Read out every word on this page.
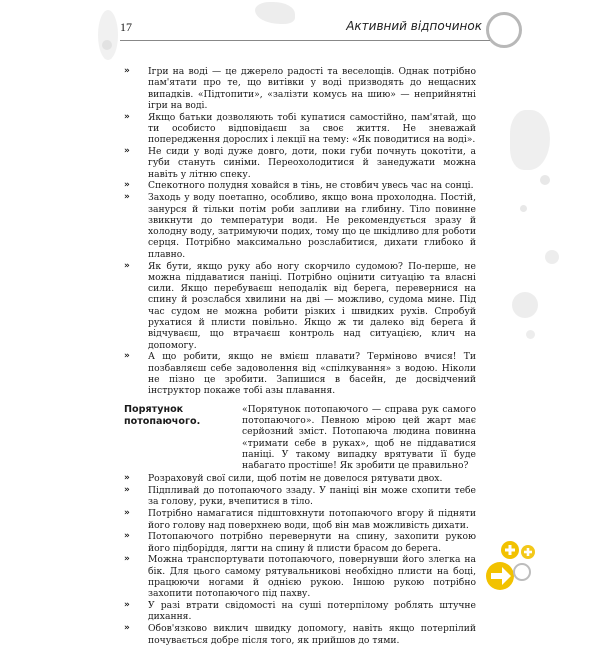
17	Активний відпочинок
» Ігри на воді — це джерело радості та веселощів. Однак потрібно пам'ятати про те, що витівки у воді призводять до нещасних випадків. «Підтопити», «залізти комусь на шию» — неприйнятні ігри на воді.
» Якщо батьки дозволяють тобі купатися самостійно, пам'ятай, що ти особисто відповідаєш за своє життя. Не зневажай попередження дорослих і лекції на тему: «Як поводитися на воді».
» Не сиди у воді дуже довго, доти, поки губи почнуть цокотіти, а губи стануть синіми. Переохолодитися й занедужати можна навіть у літню спеку.
» Спекотного полудня ховайся в тінь, не стовбич увесь час на сонці.
» Заходь у воду поетапно, особливо, якщо вона прохолодна. Постій, занурся й тільки потім роби запливи на глибину. Тіло повинне звикнути до температури води. Не рекомендується зразу й холодну воду, затримуючи подих, тому що це шкідливо для роботи серця. Потрібно максимально розслабитися, дихати глибоко й плавно.
» Як бути, якщо руку або ногу скорчило судомою? По-перше, не можна піддаватися паніці. Потрібно оцінити ситуацію та власні сили. Якщо перебуваєш неподалік від берега, перевернися на спину й розслабся хвилини на дві — можливо, судома мине. Під час судом не можна робити різких і швидких рухів. Спробуй рухатися й плисти повільно. Якщо ж ти далеко від берега й відчуваєш, що втрачаєш контроль над ситуацією, клич на допомогу.
» А що робити, якщо не вмієш плавати? Терміново вчися! Ти позбавляєш себе задоволення від «спілкування» з водою. Ніколи не пізно це зробити. Запишися в басейн, де досвідчений інструктор покаже тобі азы плавання.
Порятунок потопаючого.
«Порятунок потопаючого — справа рук самого потопаючого». Певною мірою цей жарт має серйозний зміст. Потопаюча людина повинна «тримати себе в руках», щоб не піддаватися паніці. У такому випадку врятувати її буде набагато простіше! Як зробити це правильно?
» Розраховуй свої сили, щоб потім не довелося рятувати двох.
» Підпливай до потопаючого ззаду. У паніці він може схопити тебе за голову, руки, вчепитися в тіло.
» Потрібно намагатися підштовхнути потопаючого вгору й підняти його голову над поверхнею води, щоб він мав можливість дихати.
» Потопаючого потрібно перевернути на спину, захопити рукою його підборіддя, лягти на спину й плисти брасом до берега.
» Можна транспортувати потопаючого, повернувши його злегка на бік. Для цього самому рятувальникові необхідно плисти на боці, працюючи ногами й однією рукою. Іншою рукою потрібно захопити потопаючого під пахву.
» У разі втрати свідомості на суші потерпілому роблять штучне дихання.
» Обов'язково виклич швидку допомогу, навіть якщо потерпілий почувається добре після того, як прийшов до тями.
